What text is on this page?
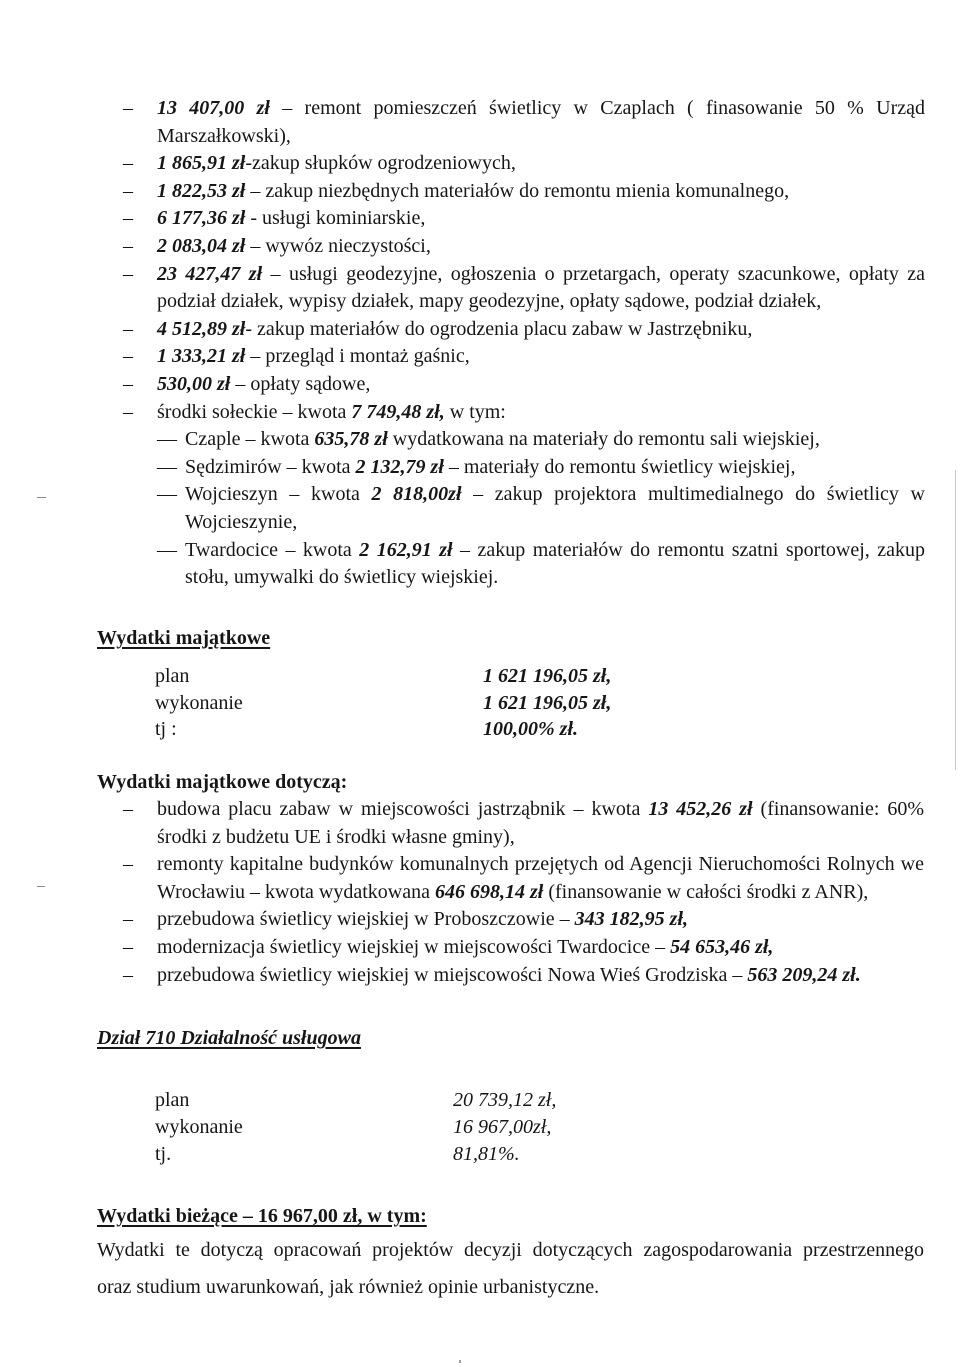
– 13 407,00 zł – remont pomieszczeń świetlicy w Czaplach ( finasowanie 50 % Urząd
Marszałkowski),
– 1 865,91 zł-zakup słupków ogrodzeniowych,
– 1 822,53 zł – zakup niezbędnych materiałów do remontu mienia komunalnego,
– 6 177,36 zł - usługi kominiarskie,
– 2 083,04 zł – wywóz nieczystości,
– 23 427,47 zł – usługi geodezyjne, ogłoszenia o przetargach, operaty szacunkowe, opłaty za
podział działek, wypisy działek, mapy geodezyjne, opłaty sądowe, podział działek,
– 4 512,89 zł- zakup materiałów do ogrodzenia placu zabaw w Jastrzębniku,
– 1 333,21 zł – przegląd i montaż gaśnic,
– 530,00 zł – opłaty sądowe,
– środki sołeckie – kwota 7 749,48 zł, w tym:
— Czaple – kwota 635,78 zł wydatkowana na materiały do remontu sali wiejskiej,
— Sędzimirów – kwota 2 132,79 zł – materiały do remontu świetlicy wiejskiej,
— Wojcieszyn – kwota 2 818,00zł – zakup projektora multimedialnego do świetlicy w
Wojcieszynie,
— Twardocice – kwota 2 162,91 zł – zakup materiałów do remontu szatni sportowej, zakup
stołu, umywalki do świetlicy wiejskiej.
Wydatki majątkowe
plan	1 621 196,05 zł,
wykonanie	1 621 196,05 zł,
tj :	100,00% zł.
Wydatki majątkowe dotyczą:
– budowa placu zabaw w miejscowości jastrząbnik – kwota 13 452,26 zł (finansowanie: 60%
środki z budżetu UE i środki własne gminy),
– remonty kapitalne budynków komunalnych przejętych od Agencji Nieruchomości Rolnych we
Wrocławiu – kwota wydatkowana 646 698,14 zł (finansowanie w całości środki z ANR),
– przebudowa świetlicy wiejskiej w Proboszczowie – 343 182,95 zł,
– modernizacja świetlicy wiejskiej w miejscowości Twardocice – 54 653,46 zł,
– przebudowa świetlicy wiejskiej w miejscowości Nowa Wieś Grodziska – 563 209,24 zł.
Dział 710 Działalność usługowa
plan	20 739,12 zł,
wykonanie	16 967,00zł,
tj.	81,81%.
Wydatki bieżące – 16 967,00 zł, w tym:
Wydatki te dotyczą opracowań projektów decyzji dotyczących zagospodarowania przestrzennego
oraz studium uwarunkowań, jak również opinie urbanistyczne.
